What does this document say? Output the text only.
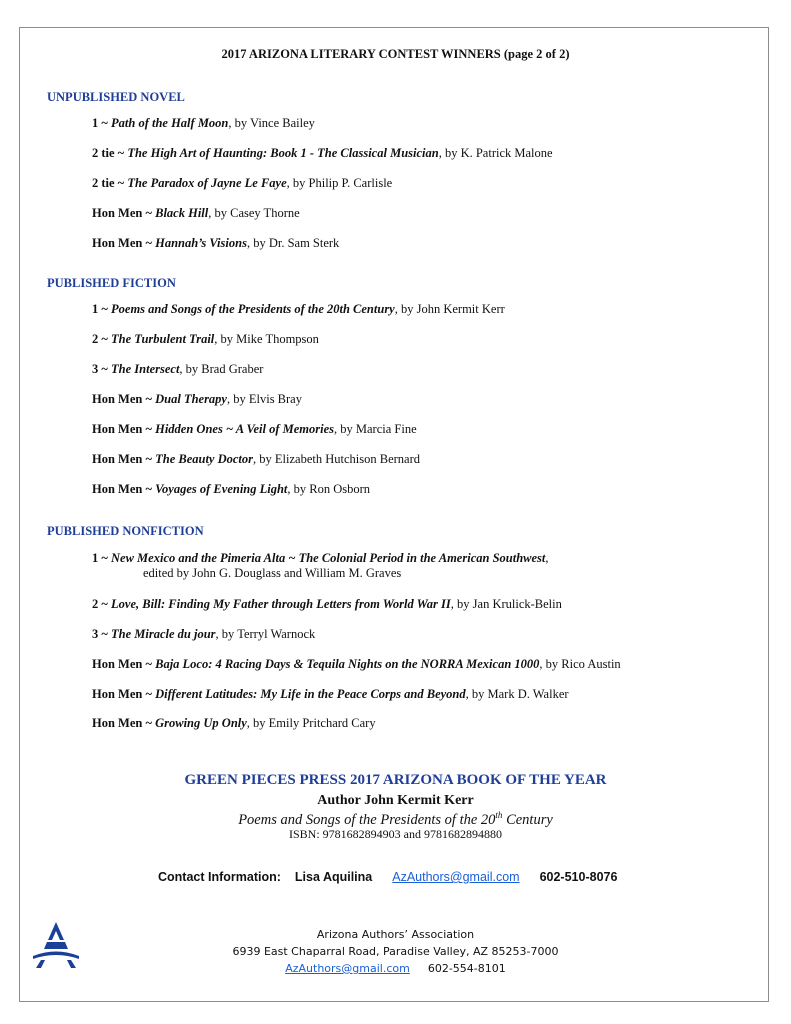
2017 ARIZONA LITERARY CONTEST WINNERS (page 2 of 2)
UNPUBLISHED NOVEL
1 ~ Path of the Half Moon, by Vince Bailey
2 tie ~ The High Art of Haunting: Book 1 - The Classical Musician, by K. Patrick Malone
2 tie ~ The Paradox of Jayne Le Faye, by Philip P. Carlisle
Hon Men ~ Black Hill, by Casey Thorne
Hon Men ~ Hannah’s Visions, by Dr. Sam Sterk
PUBLISHED FICTION
1 ~ Poems and Songs of the Presidents of the 20th Century, by John Kermit Kerr
2 ~ The Turbulent Trail, by Mike Thompson
3 ~ The Intersect, by Brad Graber
Hon Men ~ Dual Therapy, by Elvis Bray
Hon Men ~ Hidden Ones ~ A Veil of Memories, by Marcia Fine
Hon Men ~ The Beauty Doctor, by Elizabeth Hutchison Bernard
Hon Men ~ Voyages of Evening Light, by Ron Osborn
PUBLISHED NONFICTION
1 ~ New Mexico and the Pimeria Alta ~ The Colonial Period in the American Southwest,
edited by John G. Douglass and William M. Graves
2 ~ Love, Bill: Finding My Father through Letters from World War II, by Jan Krulick-Belin
3 ~ The Miracle du jour, by Terryl Warnock
Hon Men ~ Baja Loco: 4 Racing Days & Tequila Nights on the NORRA Mexican 1000, by Rico Austin
Hon Men ~ Different Latitudes: My Life in the Peace Corps and Beyond, by Mark D. Walker
Hon Men ~ Growing Up Only, by Emily Pritchard Cary
GREEN PIECES PRESS 2017 ARIZONA BOOK OF THE YEAR
Author John Kermit Kerr
Poems and Songs of the Presidents of the 20th Century
ISBN: 9781682894903 and 9781682894880
Contact Information: Lisa Aquilina AzAuthors@gmail.com 602-510-8076
Arizona Authors’ Association
6939 East Chaparral Road, Paradise Valley, AZ 85253-7000
AzAuthors@gmail.com 602-554-8101
